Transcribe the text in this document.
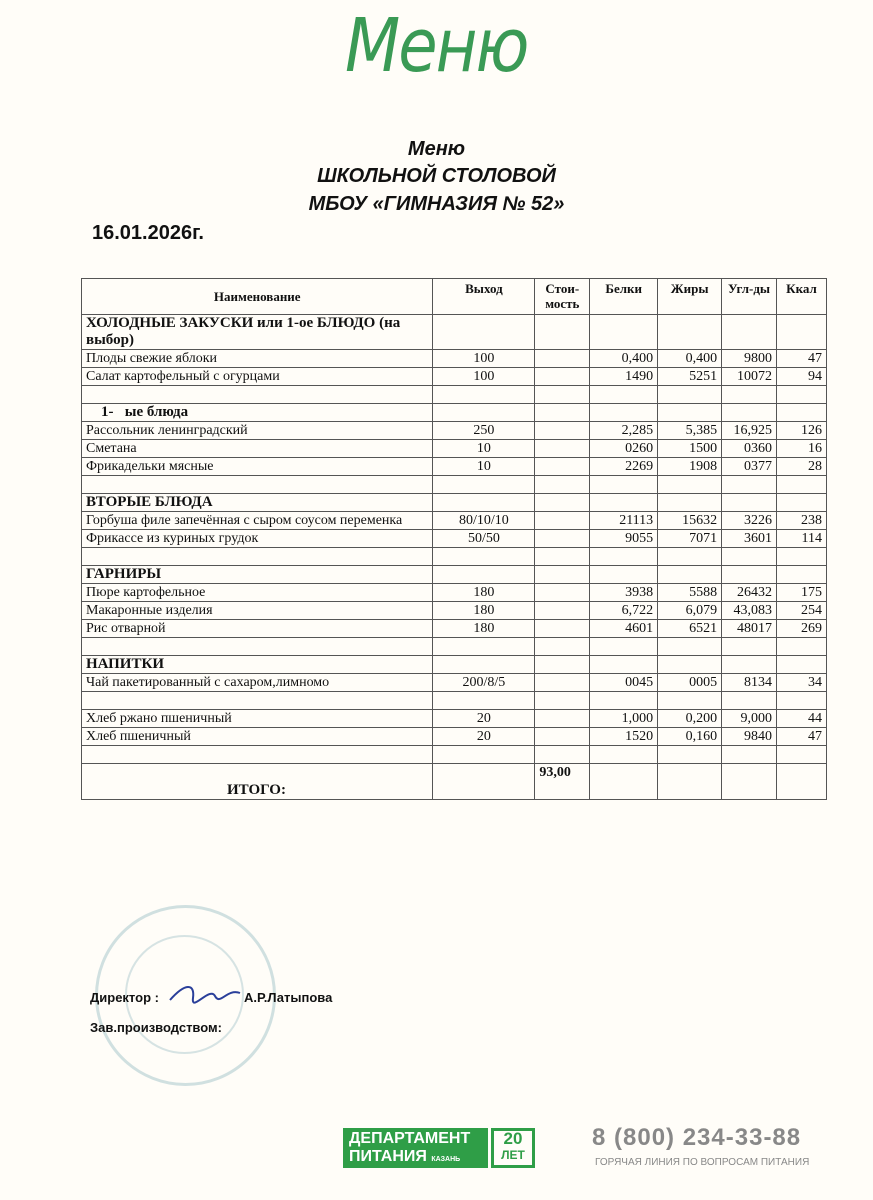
Меню
Меню
ШКОЛЬНОЙ СТОЛОВОЙ
МБОУ «ГИМНАЗИЯ № 52»
16.01.2026г.
Наименование	Выход	Стои-мость	Белки	Жиры	Угл-ды	Ккал
ХОЛОДНЫЕ ЗАКУСКИ или 1-ое БЛЮДО (на выбор)						
Плоды свежие яблоки	100		0,400	0,400	9800	47
Салат картофельный с огурцами	100		1490	5251	10072	94

1-   ые блюда						
Рассольник ленинградский	250		2,285	5,385	16,925	126
Сметана	10		0260	1500	0360	16
Фрикадельки мясные	10		2269	1908	0377	28

ВТОРЫЕ БЛЮДА						
Горбуша филе запечённая с сыром соусом переменка	80/10/10		21113	15632	3226	238
Фрикассе из куриных грудок	50/50		9055	7071	3601	114

ГАРНИРЫ						
Пюре картофельное	180		3938	5588	26432	175
Макаронные изделия	180		6,722	6,079	43,083	254
Рис отварной	180		4601	6521	48017	269

НАПИТКИ						
Чай пакетированный с сахаром,лимномо	200/8/5		0045	0005	8134	34

Хлеб ржано пшеничный	20		1,000	0,200	9,000	44
Хлеб пшеничный	20		1520	0,160	9840	47

ИТОГО:		93,00				
Директор :	А.Р.Латыпова
Зав.производством:
ДЕПАРТАМЕНТ
ПИТАНИЯ КАЗАНЬ
20
ЛЕТ
8 (800) 234-33-88
ГОРЯЧАЯ ЛИНИЯ ПО ВОПРОСАМ ПИТАНИЯ
